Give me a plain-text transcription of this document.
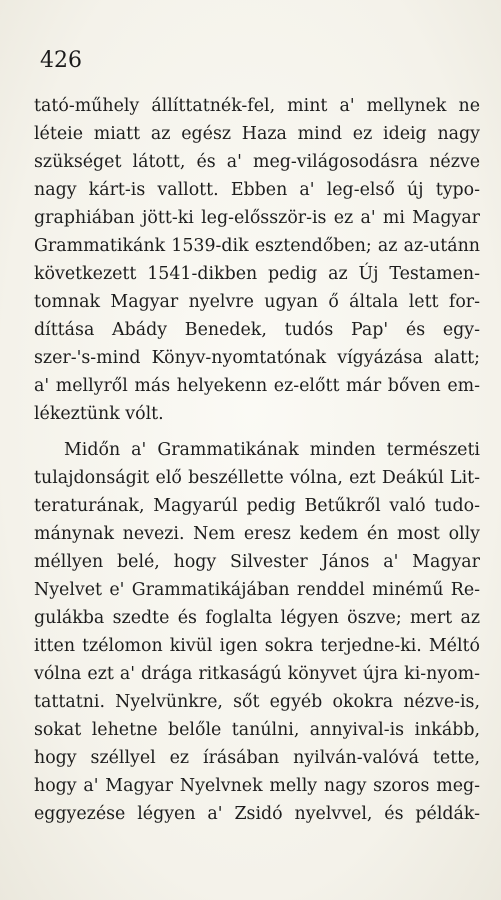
426
tató-műhely állíttatnék-fel, mint a' mellynek ne
léteie miatt az egész Haza mind ez ideig nagy
szükséget látott, és a' meg-világosodásra nézve
nagy kárt-is vallott. Ebben a' leg-első új typo-
graphiában jött-ki leg-elősször-is ez a' mi Magyar
Grammatikánk 1539-dik esztendőben; az az-utánn
következett 1541-dikben pedig az Új Testamen-
tomnak Magyar nyelvre ugyan ő általa lett for-
díttása Abády Benedek, tudós Pap' és egy-
szer-'s-mind Könyv-nyomtatónak vígyázása alatt;
a' mellyről más helyekenn ez-előtt már bőven em-
lékeztünk vólt.
Midőn a' Grammatikának minden természeti
tulajdonságit elő beszéllette vólna, ezt Deákúl Lit-
teraturának, Magyarúl pedig Betűkről való tudo-
mánynak nevezi. Nem eresz kedem én most olly
méllyen belé, hogy Silvester János a' Magyar
Nyelvet e' Grammatikájában renddel minémű Re-
gulákba szedte és foglalta légyen öszve; mert az
itten tzélomon kivül igen sokra terjedne-ki. Méltó
vólna ezt a' drága ritkaságú könyvet újra ki-nyom-
tattatni. Nyelvünkre, sőt egyéb okokra nézve-is,
sokat lehetne belőle tanúlni, annyival-is inkább,
hogy széllyel ez írásában nyilván-valóvá tette,
hogy a' Magyar Nyelvnek melly nagy szoros meg-
eggyezése légyen a' Zsidó nyelvvel, és példák-
